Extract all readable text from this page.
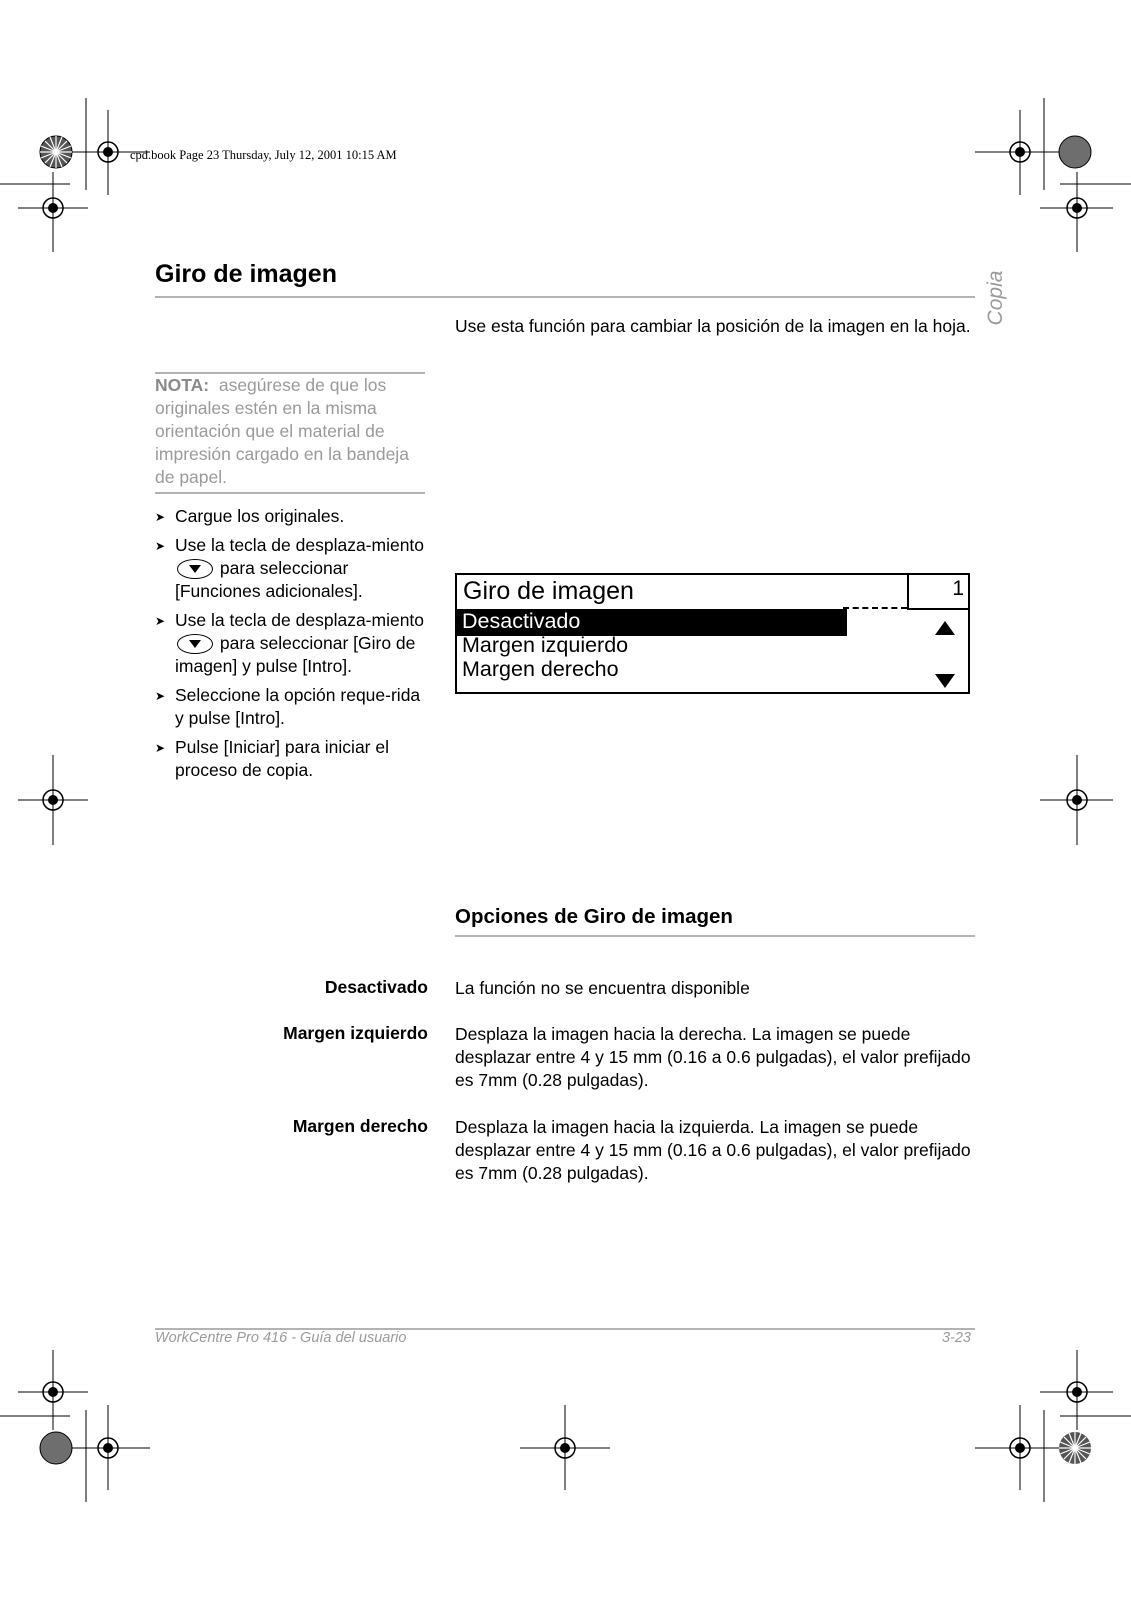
cpd.book Page 23 Thursday, July 12, 2001 10:15 AM
Copia
Giro de imagen
Use esta función para cambiar la posición de la imagen en la hoja.
NOTA: asegúrese de que los originales estén en la misma orientación que el material de impresión cargado en la bandeja de papel.
➤ Cargue los originales.
➤ Use la tecla de desplaza-miento  para seleccionar [Funciones adicionales].
➤ Use la tecla de desplaza-miento  para seleccionar [Giro de imagen] y pulse [Intro].
➤ Seleccione la opción reque-rida y pulse [Intro].
➤ Pulse [Iniciar] para iniciar el proceso de copia.
Giro de imagen	1
Desactivado
Margen izquierdo
Margen derecho
Opciones de Giro de imagen
Desactivado La función no se encuentra disponible
Margen izquierdo Desplaza la imagen hacia la derecha. La imagen se puede desplazar entre 4 y 15 mm (0.16 a 0.6 pulgadas), el valor prefijado es 7mm (0.28 pulgadas).
Margen derecho Desplaza la imagen hacia la izquierda. La imagen se puede desplazar entre 4 y 15 mm (0.16 a 0.6 pulgadas), el valor prefijado es 7mm (0.28 pulgadas).
WorkCentre Pro 416 - Guía del usuario	3-23
